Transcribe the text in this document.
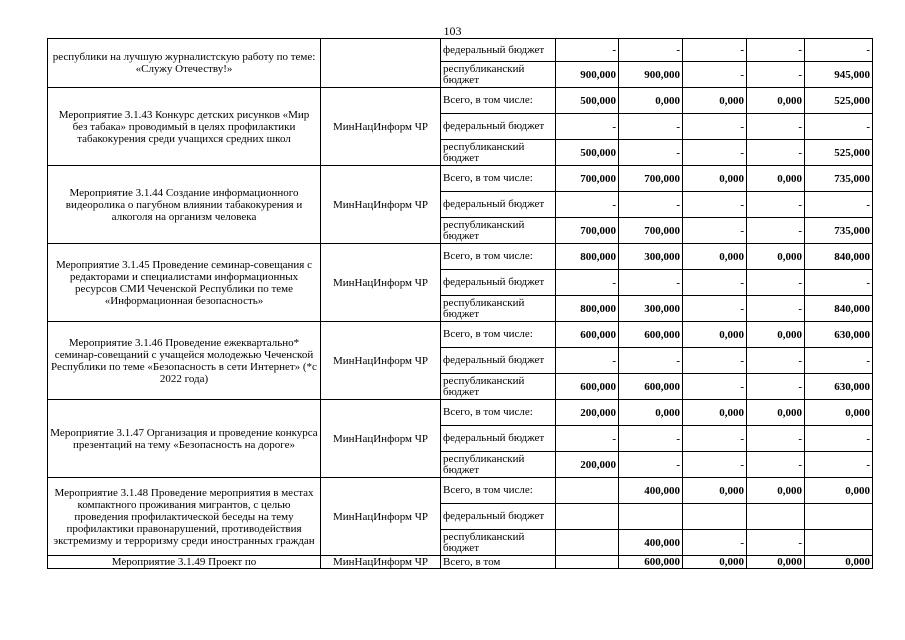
103
республики на лучшую журналистскую работу по теме: «Служу Отечеству!»		федеральный бюджет	-	-	-	-	-
		республиканский бюджет	900,000	900,000	-	-	945,000
Мероприятие 3.1.43 Конкурс детских рисунков «Мир без табака» проводимый в целях профилактики табакокурения среди учащихся средних школ	МинНацИнформ ЧР	Всего, в том числе:	500,000	0,000	0,000	0,000	525,000
		федеральный бюджет	-	-	-	-	-
		республиканский бюджет	500,000	-	-	-	525,000
Мероприятие 3.1.44 Создание информационного видеоролика о пагубном влиянии табакокурения и алкоголя на организм человека	МинНацИнформ ЧР	Всего, в том числе:	700,000	700,000	0,000	0,000	735,000
		федеральный бюджет	-	-	-	-	-
		республиканский бюджет	700,000	700,000	-	-	735,000
Мероприятие 3.1.45 Проведение семинар-совещания с редакторами и специалистами информационных ресурсов СМИ Чеченской Республики по теме «Информационная безопасность»	МинНацИнформ ЧР	Всего, в том числе:	800,000	300,000	0,000	0,000	840,000
		федеральный бюджет	-	-	-	-	-
		республиканский бюджет	800,000	300,000	-	-	840,000
Мероприятие 3.1.46 Проведение ежеквартально* семинар-совещаний с учащейся молодежью Чеченской Республики по теме «Безопасность в сети Интернет» (*с 2022 года)	МинНацИнформ ЧР	Всего, в том числе:	600,000	600,000	0,000	0,000	630,000
		федеральный бюджет	-	-	-	-	-
		республиканский бюджет	600,000	600,000	-	-	630,000
Мероприятие 3.1.47 Организация и проведение конкурса презентаций на тему «Безопасность на дороге»	МинНацИнформ ЧР	Всего, в том числе:	200,000	0,000	0,000	0,000	0,000
		федеральный бюджет	-	-	-	-	-
		республиканский бюджет	200,000	-	-	-	-
Мероприятие 3.1.48 Проведение мероприятия в местах компактного проживания мигрантов, с целью проведения профилактической беседы на тему профилактики правонарушений, противодействия экстремизму и терроризму среди иностранных граждан	МинНацИнформ ЧР	Всего, в том числе:		400,000	0,000	0,000	0,000
		федеральный бюджет					
		республиканский бюджет		400,000	-	-	
Мероприятие 3.1.49 Проект по	МинНацИнформ ЧР	Всего, в том		600,000	0,000	0,000	0,000
